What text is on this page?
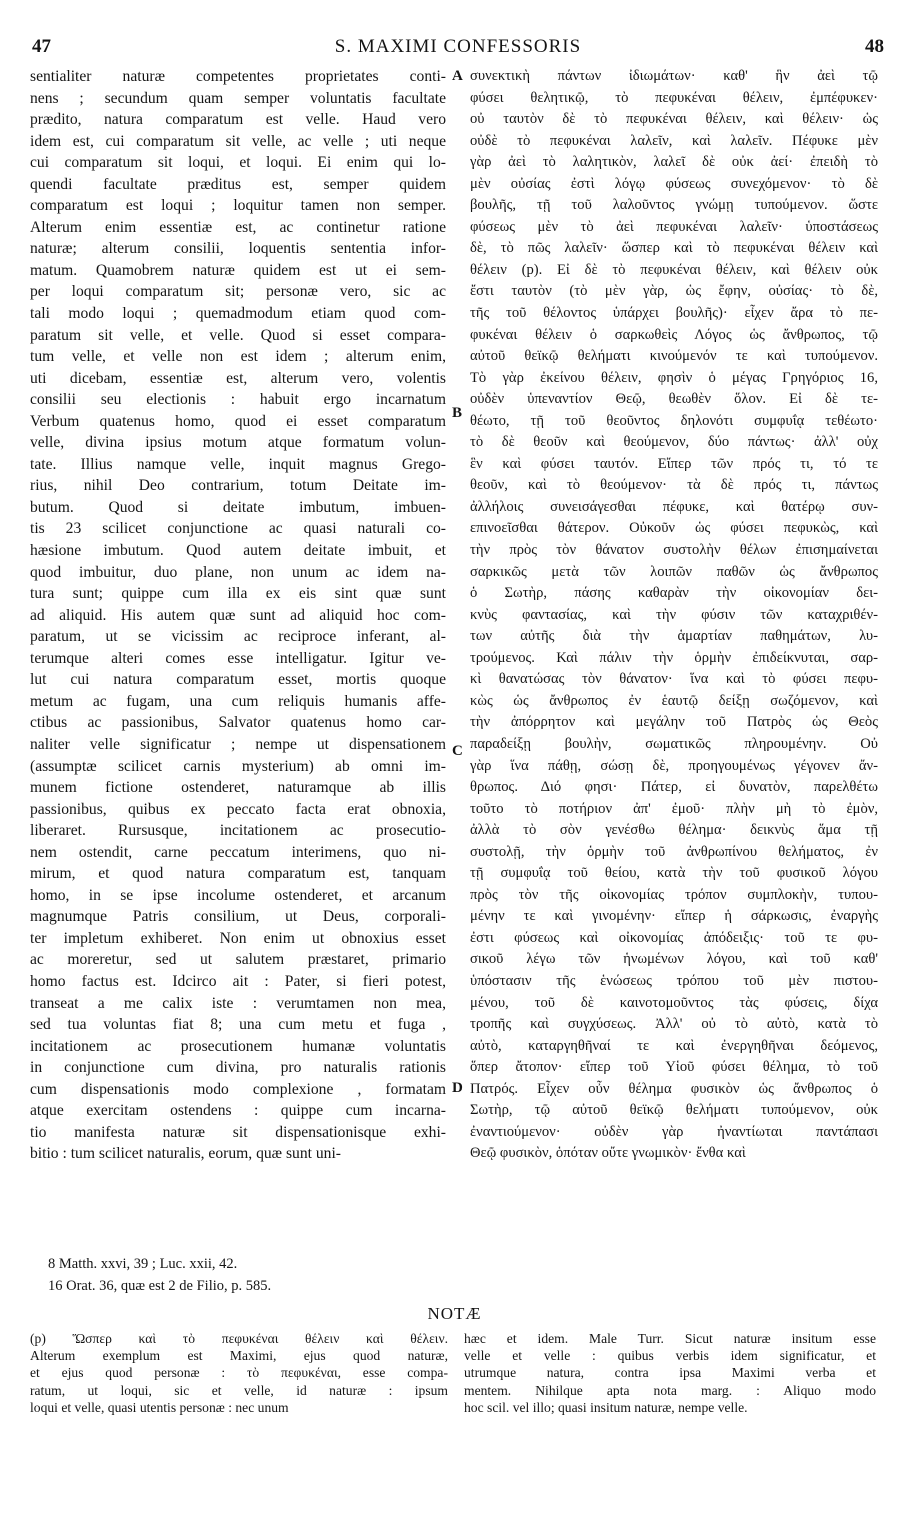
47	S. MAXIMI CONFESSORIS	48
sentialiter naturæ competentes proprietates conti-
nens ; secundum quam semper voluntatis facultate
prædito, natura comparatum est velle. Haud vero
idem est, cui comparatum sit velle, ac velle ; uti neque
cui comparatum sit loqui, et loqui. Ei enim qui lo-
quendi facultate præditus est, semper quidem
comparatum est loqui ; loquitur tamen non semper.
Alterum enim essentiæ est, ac continetur ratione
naturæ; alterum consilii, loquentis sententia infor-
matum. Quamobrem naturæ quidem est ut ei sem-
per loqui comparatum sit; personæ vero, sic ac
tali modo loqui ; quemadmodum etiam quod com-
paratum sit velle, et velle. Quod si esset compara-
tum velle, et velle non est idem ; alterum enim,
uti dicebam, essentiæ est, alterum vero, volentis
consilii seu electionis : habuit ergo incarnatum
Verbum quatenus homo, quod ei esset comparatum
velle, divina ipsius motum atque formatum volun-
tate. Illius namque velle, inquit magnus Grego-
rius, nihil Deo contrarium, totum Deitate im-
butum. Quod si deitate imbutum, imbuen-
tis 23 scilicet conjunctione ac quasi naturali co-
hæsione imbutum. Quod autem deitate imbuit, et
quod imbuitur, duo plane, non unum ac idem na-
tura sunt; quippe cum illa ex eis sint quæ sunt
ad aliquid. His autem quæ sunt ad aliquid hoc com-
paratum, ut se vicissim ac reciproce inferant, al-
terumque alteri comes esse intelligatur. Igitur ve-
lut cui natura comparatum esset, mortis quoque
metum ac fugam, una cum reliquis humanis affe-
ctibus ac passionibus, Salvator quatenus homo car-
naliter velle significatur ; nempe ut dispensationem
(assumptæ scilicet carnis mysterium) ab omni im-
munem fictione ostenderet, naturamque ab illis
passionibus, quibus ex peccato facta erat obnoxia,
liberaret. Rursusque, incitationem ac prosecutio-
nem ostendit, carne peccatum interimens, quo ni-
mirum, et quod natura comparatum est, tanquam
homo, in se ipse incolume ostenderet, et arcanum
magnumque Patris consilium, ut Deus, corporali-
ter impletum exhiberet. Non enim ut obnoxius esset
ac moreretur, sed ut salutem præstaret, primario
homo factus est. Idcirco ait : Pater, si fieri potest,
transeat a me calix iste : verumtamen non mea,
sed tua voluntas fiat 8; una cum metu et fuga ,
incitationem ac prosecutionem humanæ voluntatis
in conjunctione cum divina, pro naturalis rationis
cum dispensationis modo complexione , formatam
atque exercitam ostendens : quippe cum incarna-
tio manifesta naturæ sit dispensationisque exhi-
bitio : tum scilicet naturalis, eorum, quæ sunt uni-
συνεκτικὴ πάντων ἰδιωμάτων· καθ' ἣν ἀεὶ τῷ
φύσει θελητικῷ, τὸ πεφυκέναι θέλειν, ἐμπέφυκεν·
οὐ ταυτὸν δὲ τὸ πεφυκέναι θέλειν, καὶ θέλειν· ὡς
οὐδὲ τὸ πεφυκέναι λαλεῖν, καὶ λαλεῖν. Πέφυκε μὲν
γὰρ ἀεὶ τὸ λαλητικὸν, λαλεῖ δὲ οὐκ ἀεί· ἐπειδὴ τὸ
μὲν οὐσίας ἐστὶ λόγῳ φύσεως συνεχόμενον· τὸ δὲ
βουλῆς, τῇ τοῦ λαλοῦντος γνώμῃ τυπούμενον. ὥστε
φύσεως μὲν τὸ ἀεὶ πεφυκέναι λαλεῖν· ὑποστάσεως
δὲ, τὸ πῶς λαλεῖν· ὥσπερ καὶ τὸ πεφυκέναι θέλειν καὶ
θέλειν (p). Εἰ δὲ τὸ πεφυκέναι θέλειν, καὶ θέλειν οὐκ
ἔστι ταυτὸν (τὸ μὲν γὰρ, ὡς ἔφην, οὐσίας· τὸ δὲ,
τῆς τοῦ θέλοντος ὑπάρχει βουλῆς)· εἶχεν ἄρα τὸ πε-
φυκέναι θέλειν ὁ σαρκωθεὶς Λόγος ὡς ἄνθρωπος, τῷ
αὐτοῦ θεϊκῷ θελήματι κινούμενόν τε καὶ τυπούμενον.
Τὸ γὰρ ἐκείνου θέλειν, φησὶν ὁ μέγας Γρηγόριος 16,
οὐδὲν ὑπεναντίον Θεῷ, θεωθὲν ὅλον. Εἰ δὲ τε-
θέωτο, τῇ τοῦ θεοῦντος δηλονότι συμφυΐᾳ τεθέωτο·
τὸ δὲ θεοῦν καὶ θεούμενον, δύο πάντως· ἀλλ' οὐχ
ἓν καὶ φύσει ταυτόν. Εἴπερ τῶν πρός τι, τό τε
θεοῦν, καὶ τὸ θεούμενον· τὰ δὲ πρός τι, πάντως
ἀλλήλοις συνεισάγεσθαι πέφυκε, καὶ θατέρῳ συν-
επινοεῖσθαι θάτερον. Οὐκοῦν ὡς φύσει πεφυκὼς, καὶ
τὴν πρὸς τὸν θάνατον συστολὴν θέλων ἐπισημαίνεται
σαρκικῶς μετὰ τῶν λοιπῶν παθῶν ὡς ἄνθρωπος
ὁ Σωτὴρ, πάσης καθαρὰν τὴν οἰκονομίαν δει-
κνὺς φαντασίας, καὶ τὴν φύσιν τῶν καταχριθέν-
των αὐτῆς διὰ τὴν ἁμαρτίαν παθημάτων, λυ-
τρούμενος. Καὶ πάλιν τὴν ὁρμὴν ἐπιδείκνυται, σαρ-
κὶ θανατώσας τὸν θάνατον· ἵνα καὶ τὸ φύσει πεφυ-
κὼς ὡς ἄνθρωπος ἐν ἑαυτῷ δείξῃ σωζόμενον, καὶ
τὴν ἀπόρρητον καὶ μεγάλην τοῦ Πατρὸς ὡς Θεὸς
παραδείξῃ βουλὴν, σωματικῶς πληρουμένην. Οὐ
γὰρ ἵνα πάθῃ, σώσῃ δὲ, προηγουμένως γέγονεν ἄν-
θρωπος. Διό φησι· Πάτερ, εἰ δυνατὸν, παρελθέτω
τοῦτο τὸ ποτήριον ἀπ' ἐμοῦ· πλὴν μὴ τὸ ἐμὸν,
ἀλλὰ τὸ σὸν γενέσθω θέλημα· δεικνὺς ἅμα τῇ
συστολῇ, τὴν ὁρμὴν τοῦ ἀνθρωπίνου θελήματος, ἐν
τῇ συμφυΐᾳ τοῦ θείου, κατὰ τὴν τοῦ φυσικοῦ λόγου
πρὸς τὸν τῆς οἰκονομίας τρόπον συμπλοκὴν, τυπου-
μένην τε καὶ γινομένην· εἴπερ ἡ σάρκωσις, ἐναργὴς
ἐστι φύσεως καὶ οἰκονομίας ἀπόδειξις· τοῦ τε φυ-
σικοῦ λέγω τῶν ἡνωμένων λόγου, καὶ τοῦ καθ'
ὑπόστασιν τῆς ἑνώσεως τρόπου τοῦ μὲν πιστου-
μένου, τοῦ δὲ καινοτομοῦντος τὰς φύσεις, δίχα
τροπῆς καὶ συγχύσεως. Ἀλλ' οὐ τὸ αὐτὸ, κατὰ τὸ
αὐτὸ, καταργηθῆναί τε καὶ ἐνεργηθῆναι δεόμενος,
ὅπερ ἄτοπον· εἴπερ τοῦ Υἱοῦ φύσει θέλημα, τὸ τοῦ
Πατρός. Εἶχεν οὖν θέλημα φυσικὸν ὡς ἄνθρωπος ὁ
Σωτὴρ, τῷ αὐτοῦ θεϊκῷ θελήματι τυπούμενον, οὐκ
ἐναντιούμενον· οὐδὲν γὰρ ἠναντίωται παντάπασι
Θεῷ φυσικὸν, ὁπόταν οὔτε γνωμικὸν· ἔνθα καὶ
A
B
C
D
8 Matth. xxvi, 39 ; Luc. xxii, 42.
16 Orat. 36, quæ est 2 de Filio, p. 585.
NOTÆ
(p) Ὥσπερ καὶ τὸ πεφυκέναι θέλειν καὶ θέλειν.
Alterum exemplum est Maximi, ejus quod naturæ,
et ejus quod personæ : τὸ πεφυκέναι, esse compa-
ratum, ut loqui, sic et velle, id naturæ : ipsum
loqui et velle, quasi utentis personæ : nec unum
hæc et idem. Male Turr. Sicut naturæ insitum esse
velle et velle : quibus verbis idem significatur, et
utrumque natura, contra ipsa Maximi verba et
mentem. Nihilque apta nota marg. : Aliquo modo
hoc scil. vel illo; quasi insitum naturæ, nempe velle.
